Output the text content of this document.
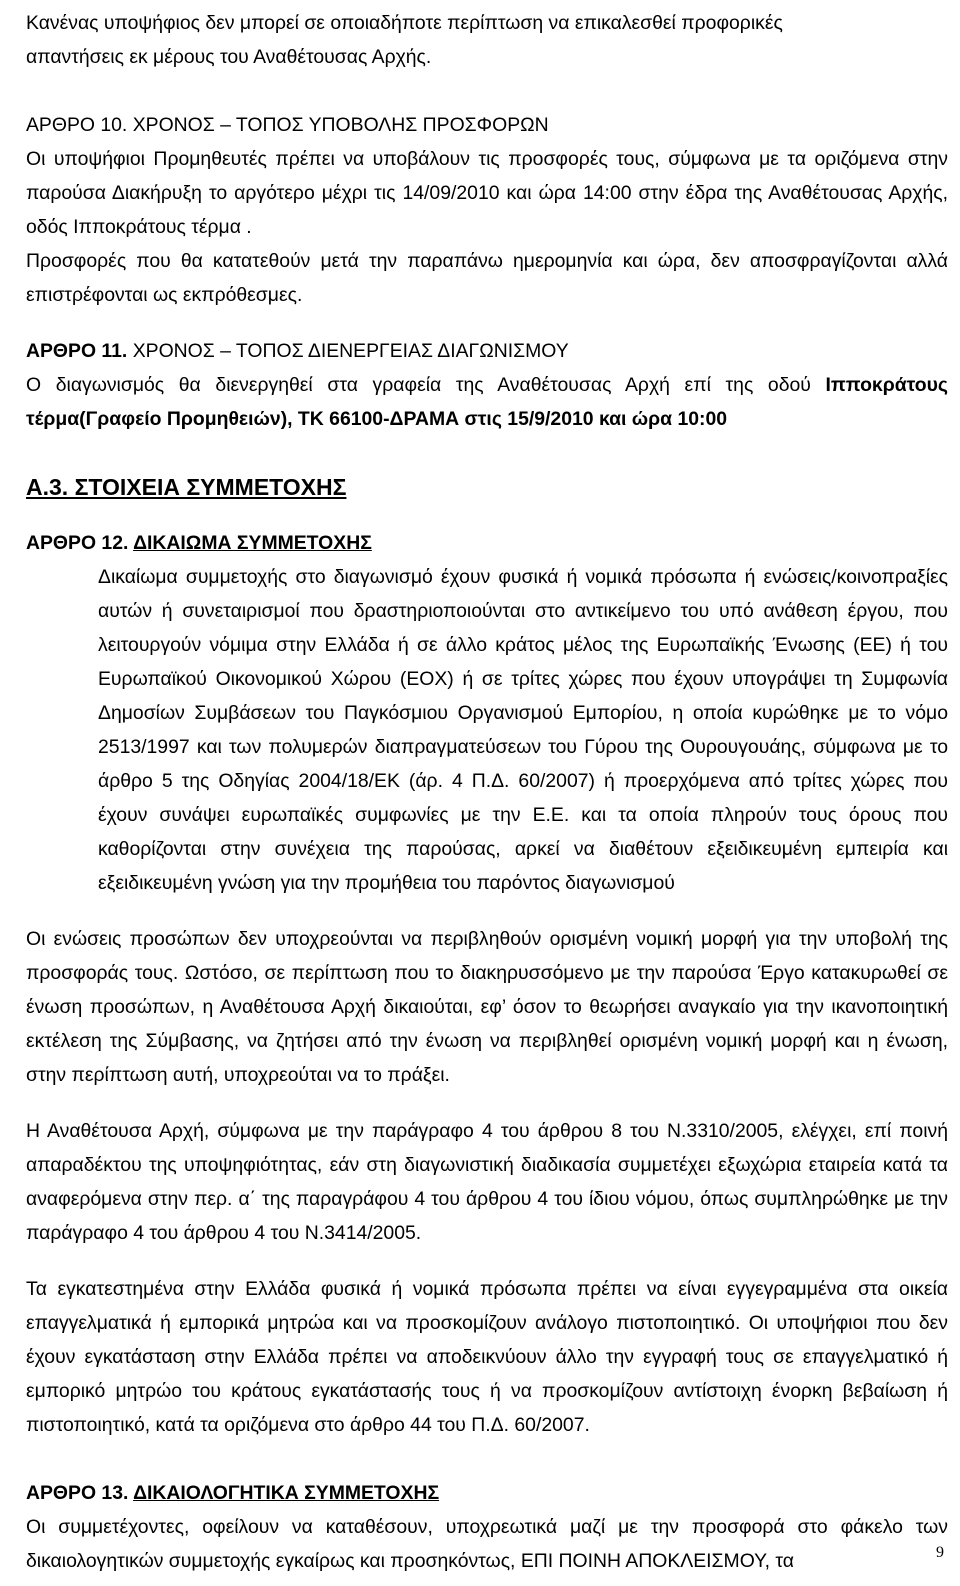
Κανένας υποψήφιος δεν μπορεί σε οποιαδήποτε περίπτωση να επικαλεσθεί προφορικές
απαντήσεις εκ μέρους του Αναθέτουσας Αρχής.

ΑΡΘΡΟ 10. ΧΡΟΝΟΣ – ΤΟΠΟΣ ΥΠΟΒΟΛΗΣ ΠΡΟΣΦΟΡΩΝ

Οι υποψήφιοι Προμηθευτές πρέπει να υποβάλουν τις προσφορές τους, σύμφωνα με τα οριζόμενα στην παρούσα Διακήρυξη το αργότερο μέχρι τις 14/09/2010 και ώρα 14:00 στην έδρα της Αναθέτουσας Αρχής, οδός Ιπποκράτους τέρμα .

Προσφορές που θα κατατεθούν μετά την παραπάνω ημερομηνία και ώρα, δεν αποσφραγίζονται αλλά επιστρέφονται ως εκπρόθεσμες.

ΑΡΘΡΟ 11. ΧΡΟΝΟΣ – ΤΟΠΟΣ ΔΙΕΝΕΡΓΕΙΑΣ ΔΙΑΓΩΝΙΣΜΟΥ

Ο διαγωνισμός θα διενεργηθεί στα γραφεία της Αναθέτουσας Αρχή επί της οδού Ιπποκράτους τέρμα(Γραφείο Προμηθειών), ΤΚ 66100-ΔΡΑΜΑ στις 15/9/2010 και ώρα 10:00

Α.3. ΣΤΟΙΧΕΙΑ ΣΥΜΜΕΤΟΧΗΣ

ΑΡΘΡΟ 12. ΔΙΚΑΙΩΜΑ ΣΥΜΜΕΤΟΧΗΣ

Δικαίωμα συμμετοχής στο διαγωνισμό έχουν φυσικά ή νομικά πρόσωπα ή ενώσεις/κοινοπραξίες αυτών ή συνεταιρισμοί που δραστηριοποιούνται στο αντικείμενο του υπό ανάθεση έργου, που λειτουργούν νόμιμα στην Ελλάδα ή σε άλλο κράτος μέλος της Ευρωπαϊκής Ένωσης (ΕΕ) ή του Ευρωπαϊκού Οικονομικού Χώρου (ΕΟΧ) ή σε τρίτες χώρες που έχουν υπογράψει τη Συμφωνία Δημοσίων Συμβάσεων του Παγκόσμιου Οργανισμού Εμπορίου, η οποία κυρώθηκε με το νόμο 2513/1997 και των πολυμερών διαπραγματεύσεων του Γύρου της Ουρουγουάης, σύμφωνα με το άρθρο 5 της Οδηγίας 2004/18/ΕΚ (άρ. 4 Π.Δ. 60/2007) ή προερχόμενα από τρίτες χώρες που έχουν συνάψει ευρωπαϊκές συμφωνίες με την Ε.Ε. και τα οποία πληρούν τους όρους που καθορίζονται στην συνέχεια της παρούσας, αρκεί να διαθέτουν εξειδικευμένη εμπειρία και εξειδικευμένη γνώση για την προμήθεια του παρόντος διαγωνισμού

Οι ενώσεις προσώπων δεν υποχρεούνται να περιβληθούν ορισμένη νομική μορφή για την υποβολή της προσφοράς τους. Ωστόσο, σε περίπτωση που το διακηρυσσόμενο με την παρούσα Έργο κατακυρωθεί σε ένωση προσώπων, η Αναθέτουσα Αρχή δικαιούται, εφ’ όσον το θεωρήσει αναγκαίο για την ικανοποιητική εκτέλεση της Σύμβασης, να ζητήσει από την ένωση να περιβληθεί ορισμένη νομική μορφή και η ένωση, στην περίπτωση αυτή, υποχρεούται να το πράξει.

Η Αναθέτουσα Αρχή, σύμφωνα με την παράγραφο 4 του άρθρου 8 του Ν.3310/2005, ελέγχει, επί ποινή απαραδέκτου της υποψηφιότητας, εάν στη διαγωνιστική διαδικασία συμμετέχει εξωχώρια εταιρεία κατά τα αναφερόμενα στην περ. α΄ της παραγράφου 4 του άρθρου 4 του ίδιου νόμου, όπως συμπληρώθηκε με την παράγραφο 4 του άρθρου 4 του Ν.3414/2005.

Τα εγκατεστημένα στην Ελλάδα φυσικά ή νομικά πρόσωπα πρέπει να είναι εγγεγραμμένα στα οικεία επαγγελματικά ή εμπορικά μητρώα και να προσκομίζουν ανάλογο πιστοποιητικό. Οι υποψήφιοι που δεν έχουν εγκατάσταση στην Ελλάδα πρέπει να αποδεικνύουν άλλο την εγγραφή τους σε επαγγελματικό ή εμπορικό μητρώο του κράτους εγκατάστασής τους ή να προσκομίζουν αντίστοιχη ένορκη βεβαίωση ή πιστοποιητικό, κατά τα οριζόμενα στο άρθρο 44 του Π.Δ. 60/2007.

ΑΡΘΡΟ 13. ΔΙΚΑΙΟΛΟΓΗΤΙΚΑ ΣΥΜΜΕΤΟΧΗΣ

Οι συμμετέχοντες, οφείλουν να καταθέσουν, υποχρεωτικά μαζί με την προσφορά στο φάκελο των δικαιολογητικών συμμετοχής εγκαίρως και προσηκόντως, ΕΠΙ ΠΟΙΝΗ ΑΠΟΚΛΕΙΣΜΟΥ, τα	9
